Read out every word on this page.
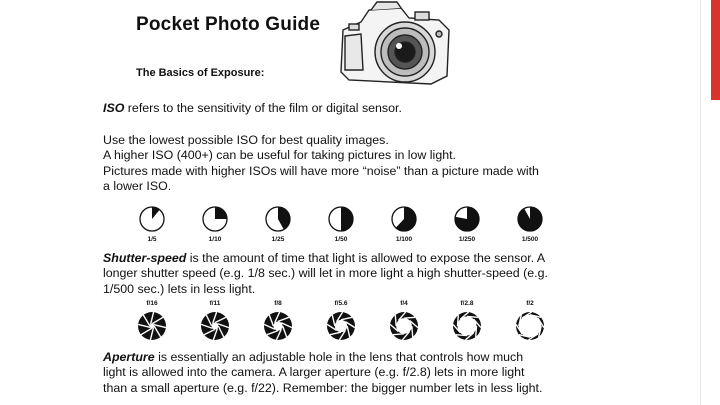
Pocket Photo Guide
The Basics of Exposure:
ISO refers to the sensitivity of the film or digital sensor.
Use the lowest possible ISO for best quality images.
A higher ISO (400+) can be useful for taking pictures in low light.
Pictures made with higher ISOs will have more “noise” than a picture made with
a lower ISO.
1/5	1/10	1/25	1/50	1/100	1/250	1/500
Shutter-speed is the amount of time that light is allowed to expose the sensor. A
longer shutter speed (e.g. 1/8 sec.) will let in more light a high shutter-speed (e.g.
1/500 sec.) lets in less light.
f/16	f/11	f/8	f/5.6	f/4	f/2.8	f/2
Aperture is essentially an adjustable hole in the lens that controls how much
light is allowed into the camera. A larger aperture (e.g. f/2.8) lets in more light
than a small aperture (e.g. f/22). Remember: the bigger number lets in less light.
